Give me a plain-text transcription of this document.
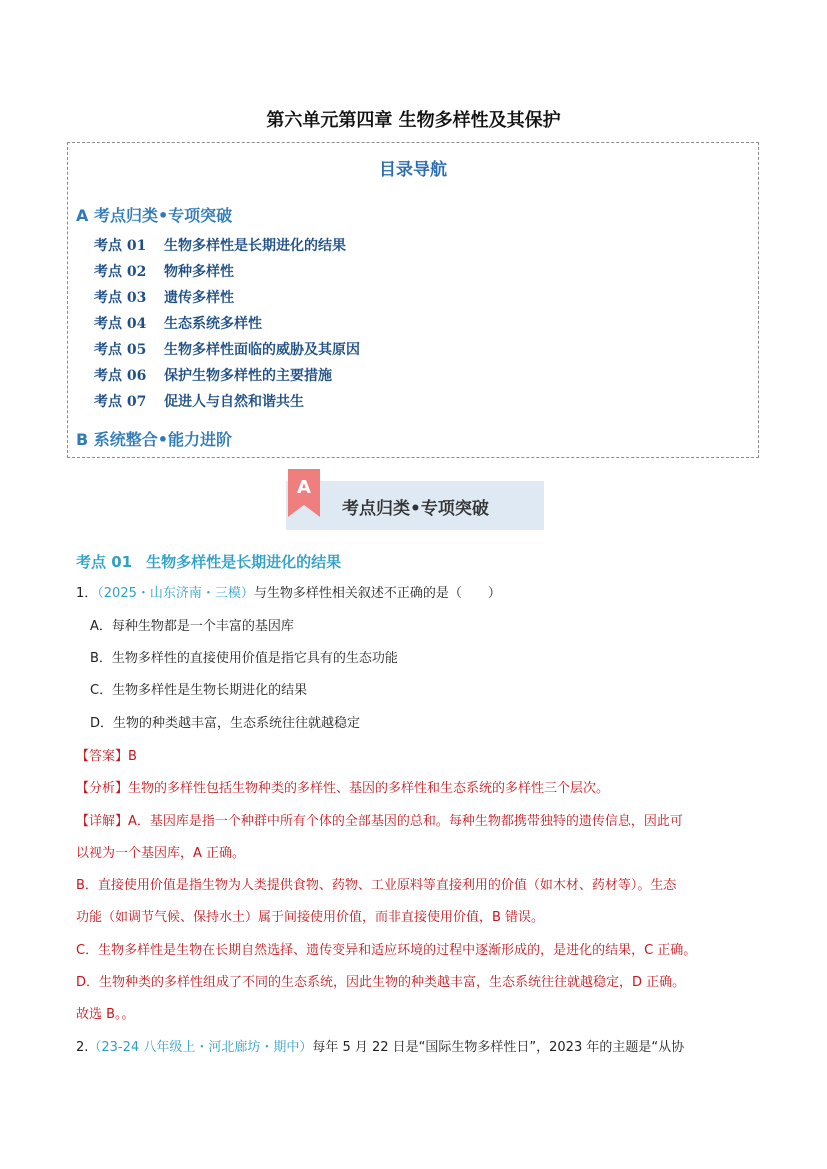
第六单元第四章 生物多样性及其保护
目录导航
A 考点归类•专项突破
考点 01 生物多样性是长期进化的结果
考点 02 物种多样性
考点 03 遗传多样性
考点 04 生态系统多样性
考点 05 生物多样性面临的威胁及其原因
考点 06 保护生物多样性的主要措施
考点 07 促进人与自然和谐共生
B 系统整合•能力进阶
A
考点归类•专项突破
考点 01 生物多样性是长期进化的结果
1．（2025・山东济南・三模）与生物多样性相关叙述不正确的是（　　）
A．每种生物都是一个丰富的基因库
B．生物多样性的直接使用价值是指它具有的生态功能
C．生物多样性是生物长期进化的结果
D．生物的种类越丰富，生态系统往往就越稳定
【答案】B
【分析】生物的多样性包括生物种类的多样性、基因的多样性和生态系统的多样性三个层次。
【详解】A．基因库是指一个种群中所有个体的全部基因的总和。每种生物都携带独特的遗传信息，因此可
以视为一个基因库，A 正确。
B．直接使用价值是指生物为人类提供食物、药物、工业原料等直接利用的价值（如木材、药材等）。生态
功能（如调节气候、保持水土）属于间接使用价值，而非直接使用价值，B 错误。
C．生物多样性是生物在长期自然选择、遗传变异和适应环境的过程中逐渐形成的，是进化的结果，C 正确。
D．生物种类的多样性组成了不同的生态系统，因此生物的种类越丰富，生态系统往往就越稳定，D 正确。
故选 B。。
2.（23-24 八年级上・河北廊坊・期中）每年 5 月 22 日是“国际生物多样性日”，2023 年的主题是“从协
